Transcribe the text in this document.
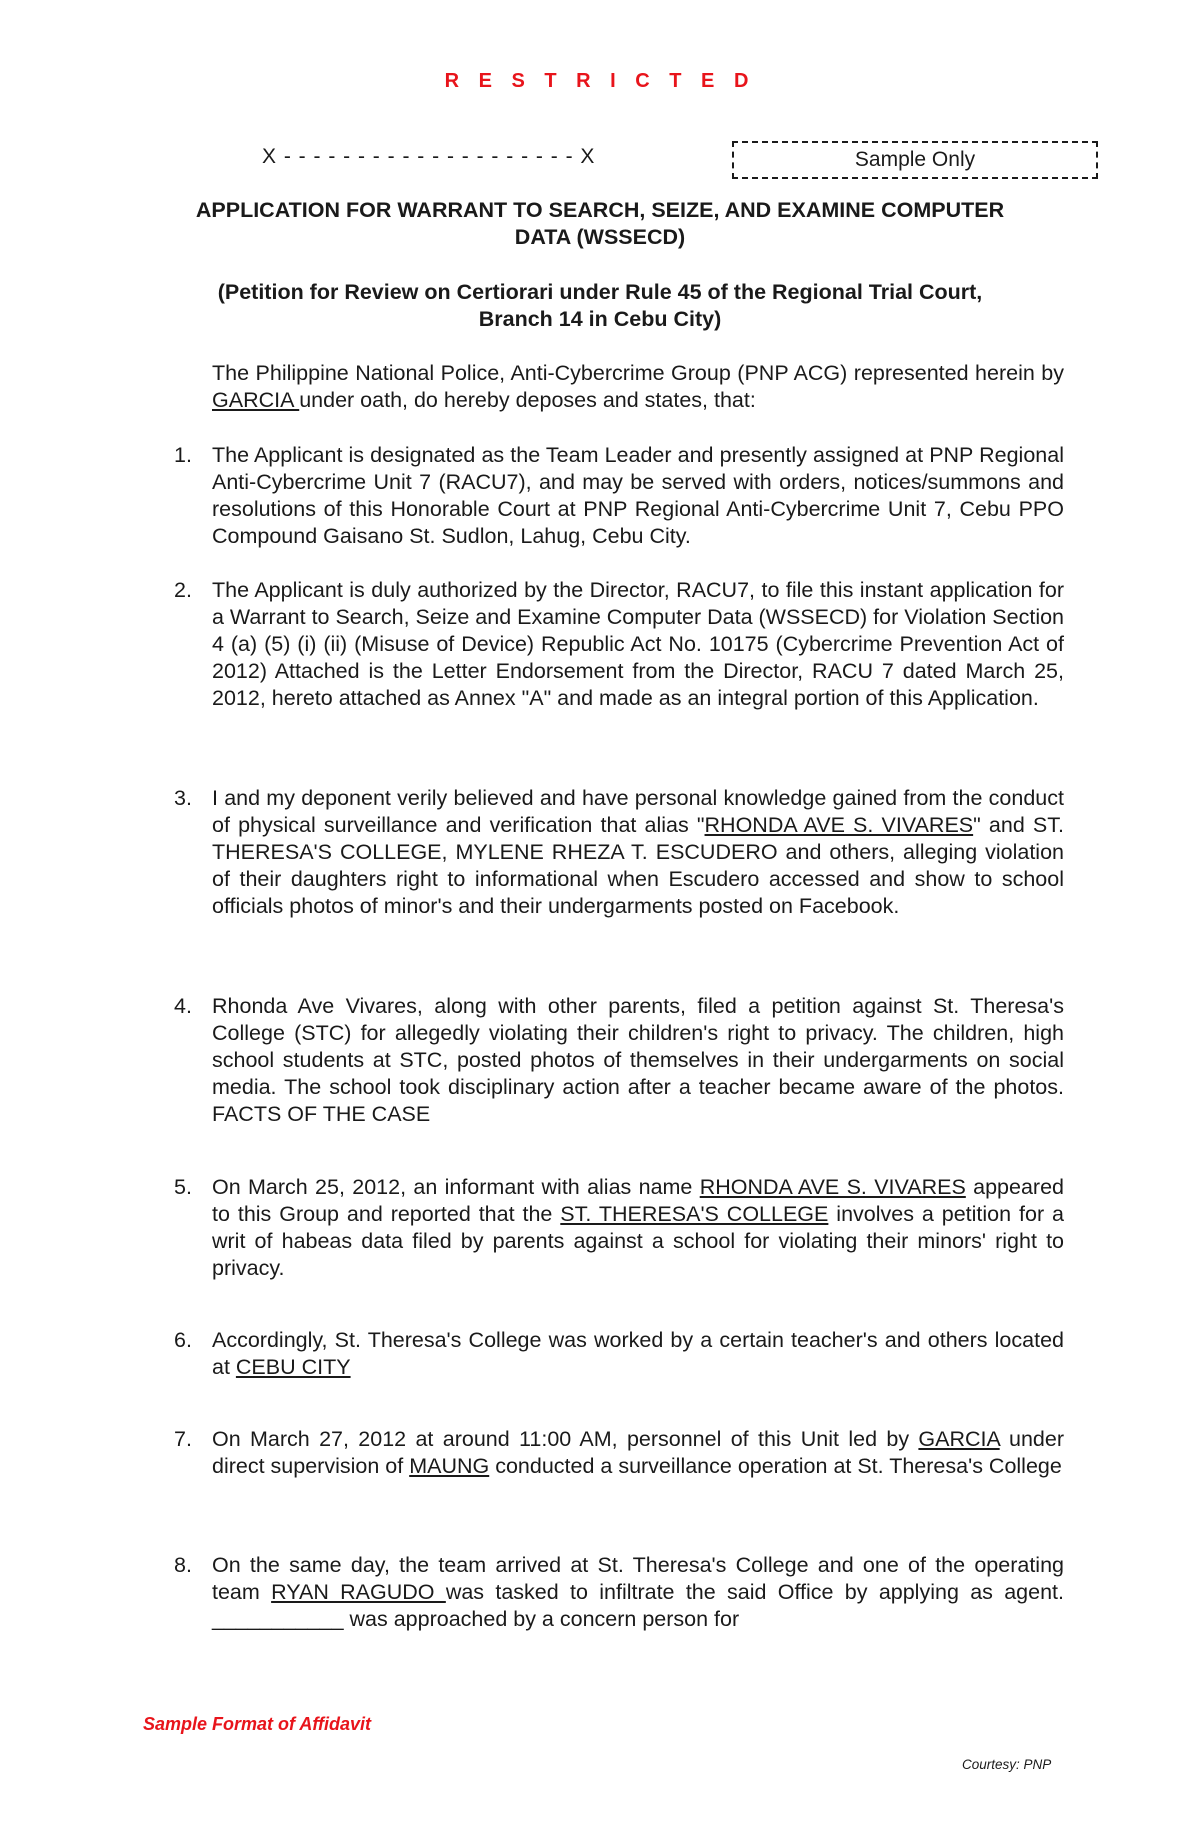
R E S T R I C T E D
X - - - - - - - - - - - - - - - - - - - - X	Sample Only
APPLICATION FOR WARRANT TO SEARCH, SEIZE, AND EXAMINE COMPUTER
DATA (WSSECD)
(Petition for Review on Certiorari under Rule 45 of the Regional Trial Court,
Branch 14 in Cebu City)
The Philippine National Police, Anti-Cybercrime Group (PNP ACG) represented herein by GARCIA under oath, do hereby deposes and states, that:
1. The Applicant is designated as the Team Leader and presently assigned at PNP Regional Anti-Cybercrime Unit 7 (RACU7), and may be served with orders, notices/summons and resolutions of this Honorable Court at PNP Regional Anti-Cybercrime Unit 7, Cebu PPO Compound Gaisano St. Sudlon, Lahug, Cebu City.
2. The Applicant is duly authorized by the Director, RACU7, to file this instant application for a Warrant to Search, Seize and Examine Computer Data (WSSECD) for Violation Section 4 (a) (5) (i) (ii) (Misuse of Device) Republic Act No. 10175 (Cybercrime Prevention Act of 2012) Attached is the Letter Endorsement from the Director, RACU 7 dated March 25, 2012, hereto attached as Annex "A" and made as an integral portion of this Application.
3. I and my deponent verily believed and have personal knowledge gained from the conduct of physical surveillance and verification that alias "RHONDA AVE S. VIVARES" and ST. THERESA'S COLLEGE, MYLENE RHEZA T. ESCUDERO and others, alleging violation of their daughters right to informational when Escudero accessed and show to school officials photos of minor's and their undergarments posted on Facebook.
4. Rhonda Ave Vivares, along with other parents, filed a petition against St. Theresa's College (STC) for allegedly violating their children's right to privacy. The children, high school students at STC, posted photos of themselves in their undergarments on social media. The school took disciplinary action after a teacher became aware of the photos. FACTS OF THE CASE
5. On March 25, 2012, an informant with alias name RHONDA AVE S. VIVARES appeared to this Group and reported that the ST. THERESA'S COLLEGE involves a petition for a writ of habeas data filed by parents against a school for violating their minors' right to privacy.
6. Accordingly, St. Theresa's College was worked by a certain teacher's and others located at CEBU CITY
7. On March 27, 2012 at around 11:00 AM, personnel of this Unit led by GARCIA under direct supervision of MAUNG conducted a surveillance operation at St. Theresa's College
8. On the same day, the team arrived at St. Theresa's College and one of the operating team RYAN RAGUDO was tasked to infiltrate the said Office by applying as agent. ___________ was approached by a concern person for
Sample Format of Affidavit
Courtesy: PNP
